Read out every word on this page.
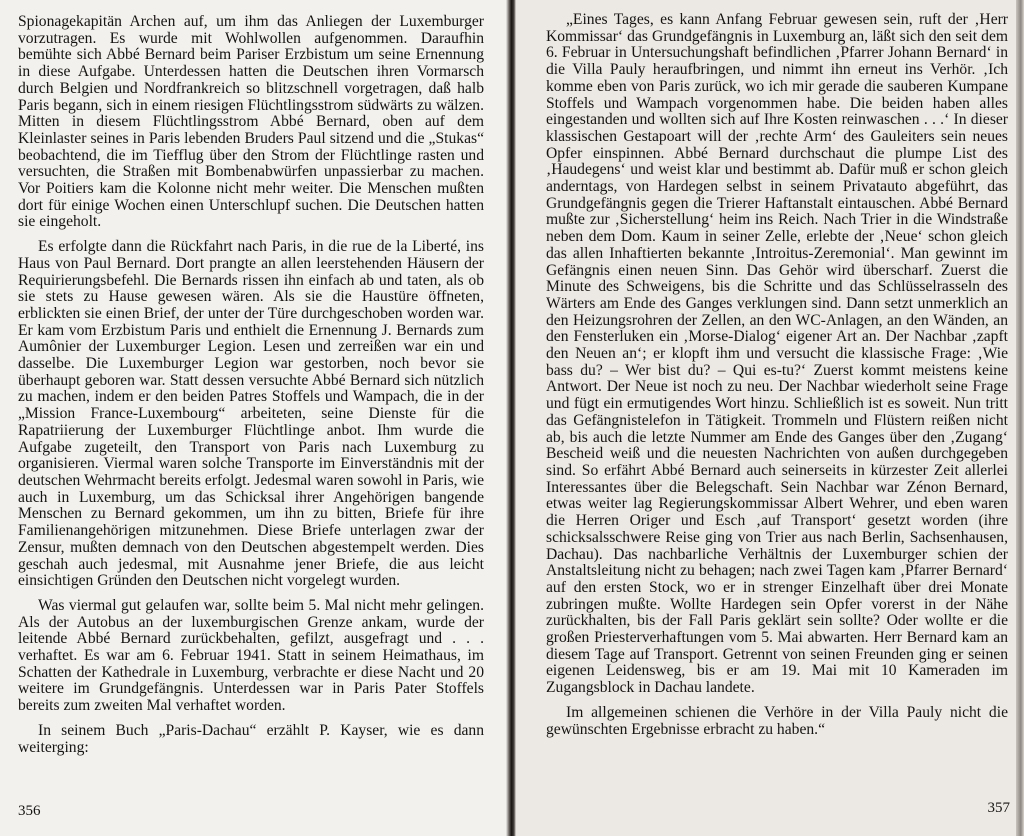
Spionagekapitän Archen auf, um ihm das Anliegen der Luxemburger vorzutragen. Es wurde mit Wohlwollen aufgenommen. Daraufhin bemühte sich Abbé Bernard beim Pariser Erzbistum um seine Ernennung in diese Aufgabe. Unterdessen hatten die Deutschen ihren Vormarsch durch Belgien und Nordfrankreich so blitzschnell vorgetragen, daß halb Paris begann, sich in einem riesigen Flüchtlingsstrom südwärts zu wälzen. Mitten in diesem Flüchtlingsstrom Abbé Bernard, oben auf dem Kleinlaster seines in Paris lebenden Bruders Paul sitzend und die „Stukas“ beobachtend, die im Tiefflug über den Strom der Flüchtlinge rasten und versuchten, die Straßen mit Bombenabwürfen unpassierbar zu machen. Vor Poitiers kam die Kolonne nicht mehr weiter. Die Menschen mußten dort für einige Wochen einen Unterschlupf suchen. Die Deutschen hatten sie eingeholt.

Es erfolgte dann die Rückfahrt nach Paris, in die rue de la Liberté, ins Haus von Paul Bernard. Dort prangte an allen leerstehenden Häusern der Requirierungsbefehl. Die Bernards rissen ihn einfach ab und taten, als ob sie stets zu Hause gewesen wären. Als sie die Haustüre öffneten, erblickten sie einen Brief, der unter der Türe durchgeschoben worden war. Er kam vom Erzbistum Paris und enthielt die Ernennung J. Bernards zum Aumônier der Luxemburger Legion. Lesen und zerreißen war ein und dasselbe. Die Luxemburger Legion war gestorben, noch bevor sie überhaupt geboren war. Statt dessen versuchte Abbé Bernard sich nützlich zu machen, indem er den beiden Patres Stoffels und Wampach, die in der „Mission France-Luxembourg“ arbeiteten, seine Dienste für die Rapatriierung der Luxemburger Flüchtlinge anbot. Ihm wurde die Aufgabe zugeteilt, den Transport von Paris nach Luxemburg zu organisieren. Viermal waren solche Transporte im Einverständnis mit der deutschen Wehrmacht bereits erfolgt. Jedesmal waren sowohl in Paris, wie auch in Luxemburg, um das Schicksal ihrer Angehörigen bangende Menschen zu Bernard gekommen, um ihn zu bitten, Briefe für ihre Familienangehörigen mitzunehmen. Diese Briefe unterlagen zwar der Zensur, mußten demnach von den Deutschen abgestempelt werden. Dies geschah auch jedesmal, mit Ausnahme jener Briefe, die aus leicht einsichtigen Gründen den Deutschen nicht vorgelegt wurden.

Was viermal gut gelaufen war, sollte beim 5. Mal nicht mehr gelingen. Als der Autobus an der luxemburgischen Grenze ankam, wurde der leitende Abbé Bernard zurückbehalten, gefilzt, ausgefragt und . . . verhaftet. Es war am 6. Februar 1941. Statt in seinem Heimathaus, im Schatten der Kathedrale in Luxemburg, verbrachte er diese Nacht und 20 weitere im Grundgefängnis. Unterdessen war in Paris Pater Stoffels bereits zum zweiten Mal verhaftet worden.

In seinem Buch „Paris-Dachau“ erzählt P. Kayser, wie es dann weiterging:

356

„Eines Tages, es kann Anfang Februar gewesen sein, ruft der ‚Herr Kommissar‘ das Grundgefängnis in Luxemburg an, läßt sich den seit dem 6. Februar in Untersuchungshaft befindlichen ‚Pfarrer Johann Bernard‘ in die Villa Pauly heraufbringen, und nimmt ihn erneut ins Verhör. ‚Ich komme eben von Paris zurück, wo ich mir gerade die sauberen Kumpane Stoffels und Wampach vorgenommen habe. Die beiden haben alles eingestanden und wollten sich auf Ihre Kosten reinwaschen . . .‘ In dieser klassischen Gestapoart will der ‚rechte Arm‘ des Gauleiters sein neues Opfer einspinnen. Abbé Bernard durchschaut die plumpe List des ‚Haudegens‘ und weist klar und bestimmt ab. Dafür muß er schon gleich anderntags, von Hardegen selbst in seinem Privatauto abgeführt, das Grundgefängnis gegen die Trierer Haftanstalt eintauschen. Abbé Bernard mußte zur ‚Sicherstellung‘ heim ins Reich. Nach Trier in die Windstraße neben dem Dom. Kaum in seiner Zelle, erlebte der ‚Neue‘ schon gleich das allen Inhaftierten bekannte ‚Introitus-Zeremonial‘. Man gewinnt im Gefängnis einen neuen Sinn. Das Gehör wird überscharf. Zuerst die Minute des Schweigens, bis die Schritte und das Schlüsselrasseln des Wärters am Ende des Ganges verklungen sind. Dann setzt unmerklich an den Heizungsrohren der Zellen, an den WC-Anlagen, an den Wänden, an den Fensterluken ein ‚Morse-Dialog‘ eigener Art an. Der Nachbar ‚zapft den Neuen an‘; er klopft ihm und versucht die klassische Frage: ‚Wie bass du? – Wer bist du? – Qui es-tu?‘ Zuerst kommt meistens keine Antwort. Der Neue ist noch zu neu. Der Nachbar wiederholt seine Frage und fügt ein ermutigendes Wort hinzu. Schließlich ist es soweit. Nun tritt das Gefängnistelefon in Tätigkeit. Trommeln und Flüstern reißen nicht ab, bis auch die letzte Nummer am Ende des Ganges über den ‚Zugang‘ Bescheid weiß und die neuesten Nachrichten von außen durchgegeben sind. So erfährt Abbé Bernard auch seinerseits in kürzester Zeit allerlei Interessantes über die Belegschaft. Sein Nachbar war Zénon Bernard, etwas weiter lag Regierungskommissar Albert Wehrer, und eben waren die Herren Origer und Esch ‚auf Transport‘ gesetzt worden (ihre schicksalsschwere Reise ging von Trier aus nach Berlin, Sachsenhausen, Dachau). Das nachbarliche Verhältnis der Luxemburger schien der Anstaltsleitung nicht zu behagen; nach zwei Tagen kam ‚Pfarrer Bernard‘ auf den ersten Stock, wo er in strenger Einzelhaft über drei Monate zubringen mußte. Wollte Hardegen sein Opfer vorerst in der Nähe zurückhalten, bis der Fall Paris geklärt sein sollte? Oder wollte er die großen Priesterverhaftungen vom 5. Mai abwarten. Herr Bernard kam an diesem Tage auf Transport. Getrennt von seinen Freunden ging er seinen eigenen Leidensweg, bis er am 19. Mai mit 10 Kameraden im Zugangsblock in Dachau landete.

Im allgemeinen schienen die Verhöre in der Villa Pauly nicht die gewünschten Ergebnisse erbracht zu haben.“

357
